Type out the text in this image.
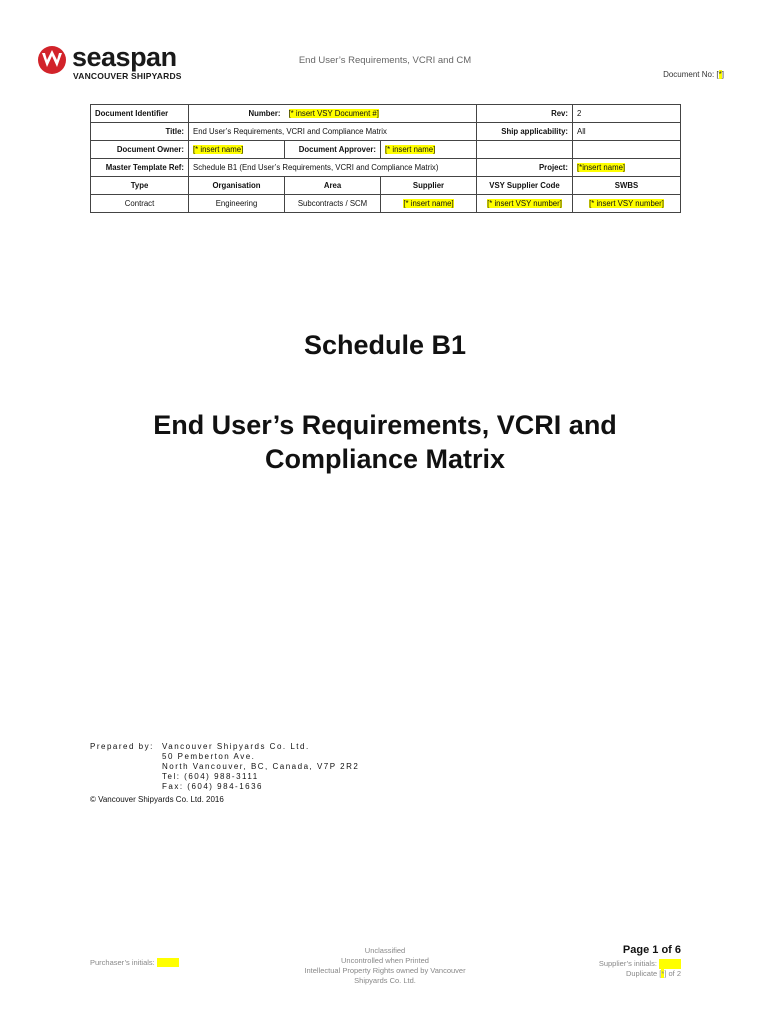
seaspan
VANCOUVER SHIPYARDS
End User’s Requirements, VCRI and CM
Document No: [*]
Document Identifier	Number:	[* insert VSY Document #]		Rev:	2
Title:	End User’s Requirements, VCRI and Compliance Matrix			Ship applicability:	All
Document Owner:	[* insert name]	Document Approver:	[* insert name]		
Master Template Ref:	Schedule B1 (End User’s Requirements, VCRI and Compliance Matrix)			Project:	[*insert name]
Type	Organisation	Area	Supplier	VSY Supplier Code	SWBS
Contract	Engineering	Subcontracts / SCM	[* insert name]	[* insert VSY number]	[* insert VSY number]
Schedule B1
End User’s Requirements, VCRI and
Compliance Matrix
Prepared by: Vancouver Shipyards Co. Ltd.
50 Pemberton Ave.
North Vancouver, BC, Canada, V7P 2R2
Tel: (604) 988-3111
Fax: (604) 984-1636
© Vancouver Shipyards Co. Ltd. 2016
Purchaser’s initials:
Unclassified
Uncontrolled when Printed
Intellectual Property Rights owned by Vancouver
Shipyards Co. Ltd.
Page 1 of 6
Supplier’s initials:
Duplicate [*] of 2
